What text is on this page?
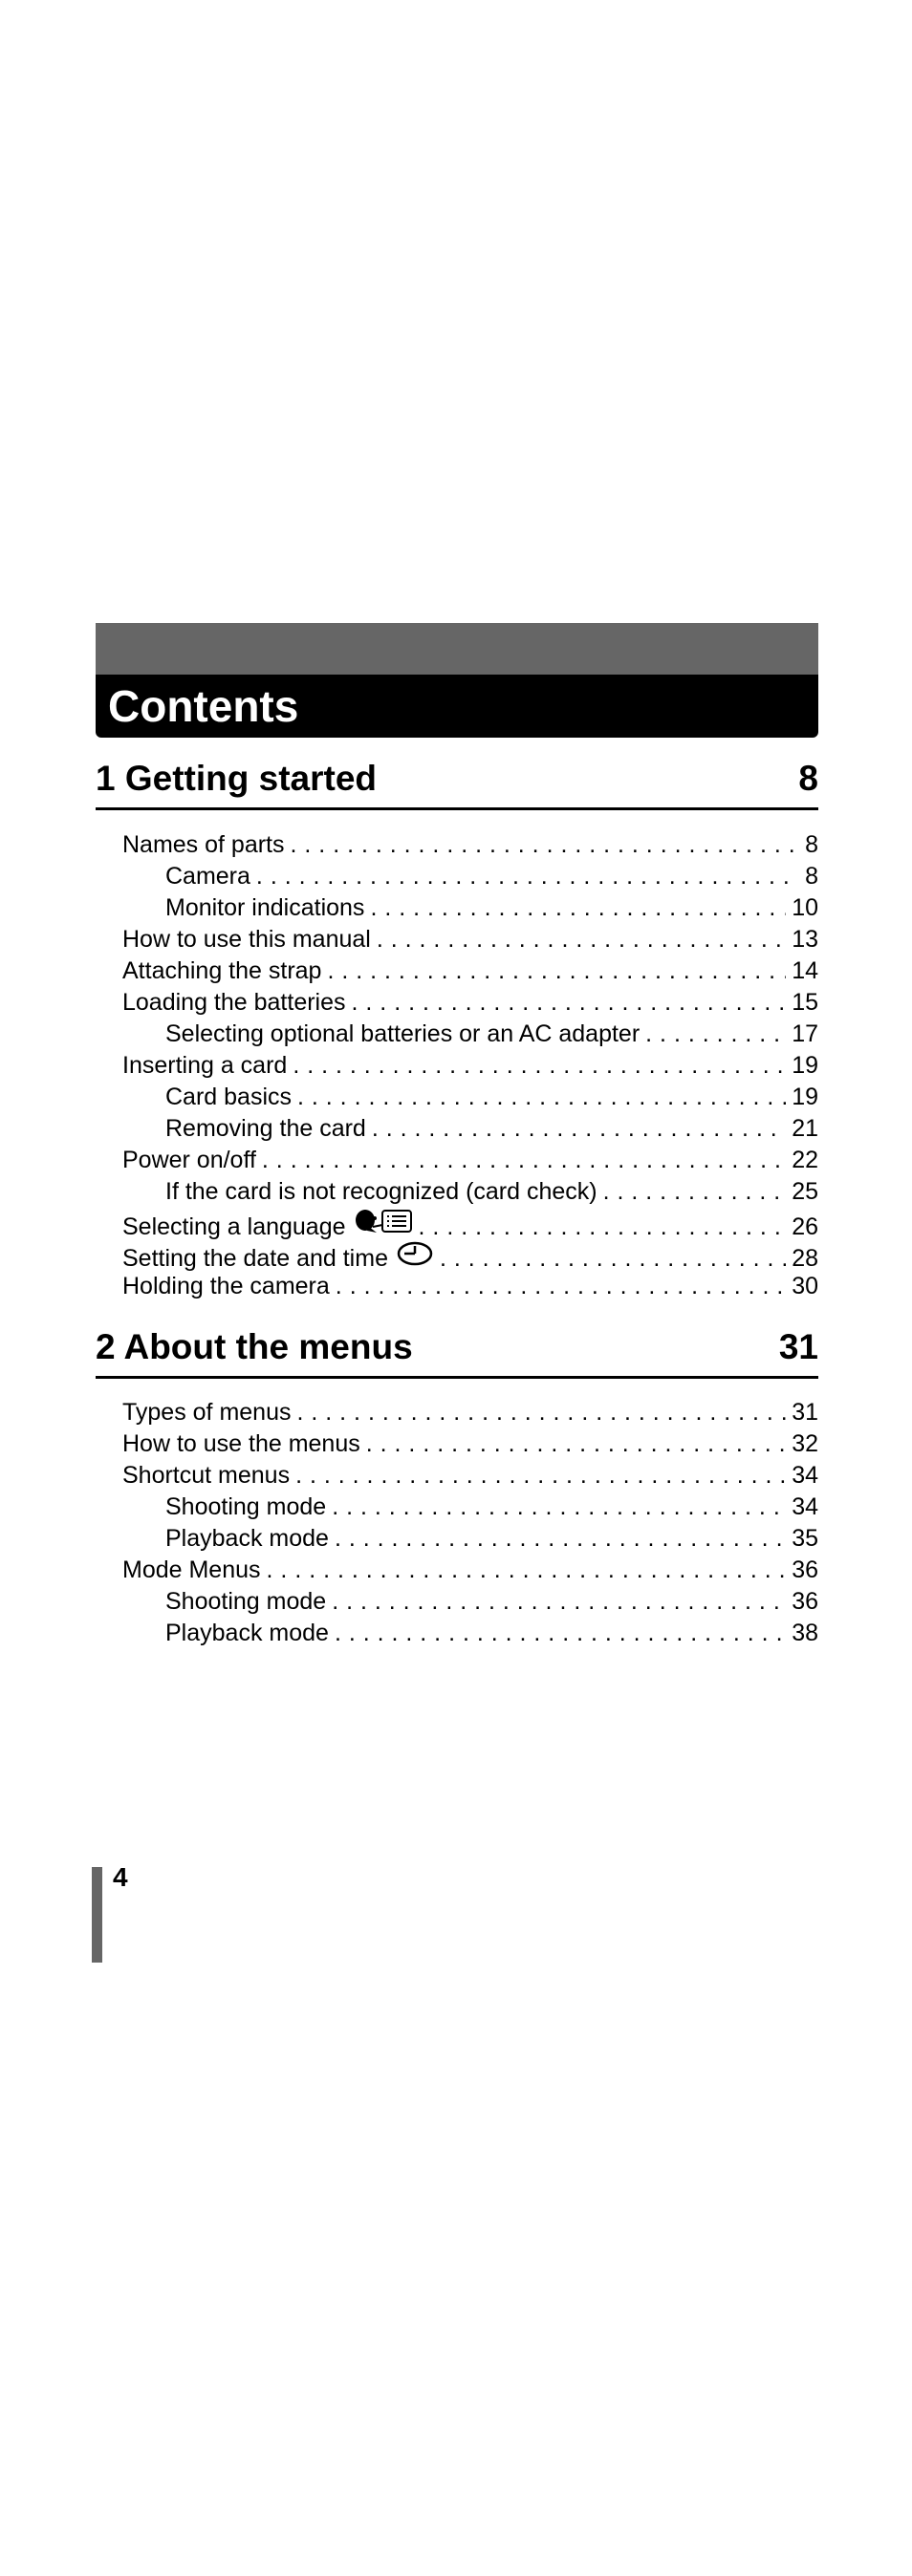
Contents
1 Getting started	8
Names of parts . . .	8
Camera . . .	8
Monitor indications . . .	10
How to use this manual . . .	13
Attaching the strap . . .	14
Loading the batteries . . .	15
Selecting optional batteries or an AC adapter . . .	17
Inserting a card . . .	19
Card basics . . .	19
Removing the card . . .	21
Power on/off . . .	22
If the card is not recognized (card check) . . .	25
Selecting a language . . .	26
Setting the date and time . . .	28
Holding the camera . . .	30
2 About the menus	31
Types of menus . . .	31
How to use the menus . . .	32
Shortcut menus . . .	34
Shooting mode . . .	34
Playback mode . . .	35
Mode Menus . . .	36
Shooting mode . . .	36
Playback mode . . .	38
4
